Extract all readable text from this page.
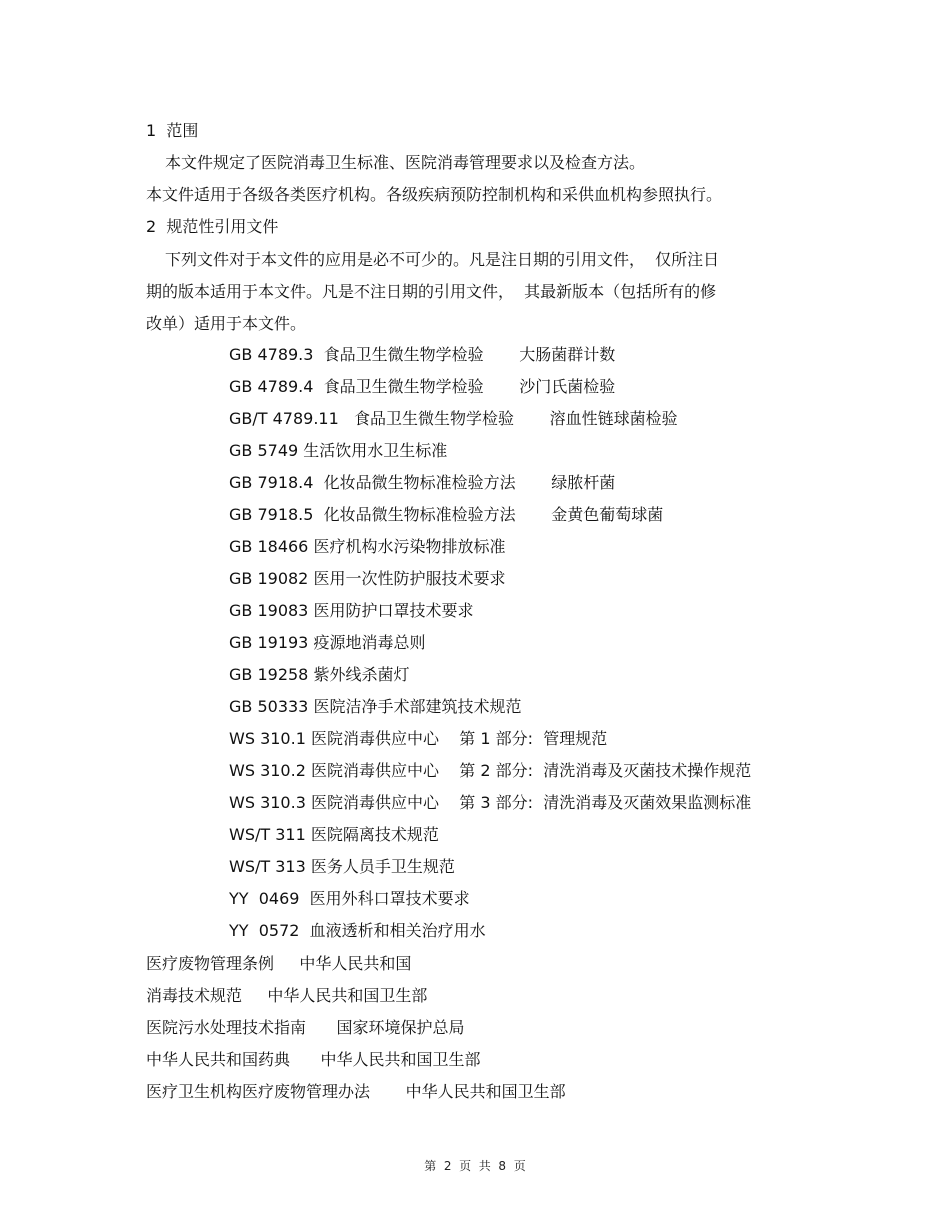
1  范围
本文件规定了医院消毒卫生标准、医院消毒管理要求以及检查方法。
本文件适用于各级各类医疗机构。各级疾病预防控制机构和采供血机构参照执行。
2  规范性引用文件
下列文件对于本文件的应用是必不可少的。凡是注日期的引用文件，  仅所注日
期的版本适用于本文件。凡是不注日期的引用文件，  其最新版本（包括所有的修
改单）适用于本文件。
GB 4789.3  食品卫生微生物学检验       大肠菌群计数
GB 4789.4  食品卫生微生物学检验       沙门氏菌检验
GB/T 4789.11   食品卫生微生物学检验       溶血性链球菌检验
GB 5749 生活饮用水卫生标准
GB 7918.4  化妆品微生物标准检验方法       绿脓杆菌
GB 7918.5  化妆品微生物标准检验方法       金黄色葡萄球菌
GB 18466 医疗机构水污染物排放标准
GB 19082 医用一次性防护服技术要求
GB 19083 医用防护口罩技术要求
GB 19193 疫源地消毒总则
GB 19258 紫外线杀菌灯
GB 50333 医院洁净手术部建筑技术规范
WS 310.1 医院消毒供应中心    第 1 部分:  管理规范
WS 310.2 医院消毒供应中心    第 2 部分:  清洗消毒及灭菌技术操作规范
WS 310.3 医院消毒供应中心    第 3 部分:  清洗消毒及灭菌效果监测标准
WS/T 311 医院隔离技术规范
WS/T 313 医务人员手卫生规范
YY  0469  医用外科口罩技术要求
YY  0572  血液透析和相关治疗用水
医疗废物管理条例     中华人民共和国
消毒技术规范     中华人民共和国卫生部
医院污水处理技术指南      国家环境保护总局
中华人民共和国药典      中华人民共和国卫生部
医疗卫生机构医疗废物管理办法       中华人民共和国卫生部
第  2  页  共  8  页
